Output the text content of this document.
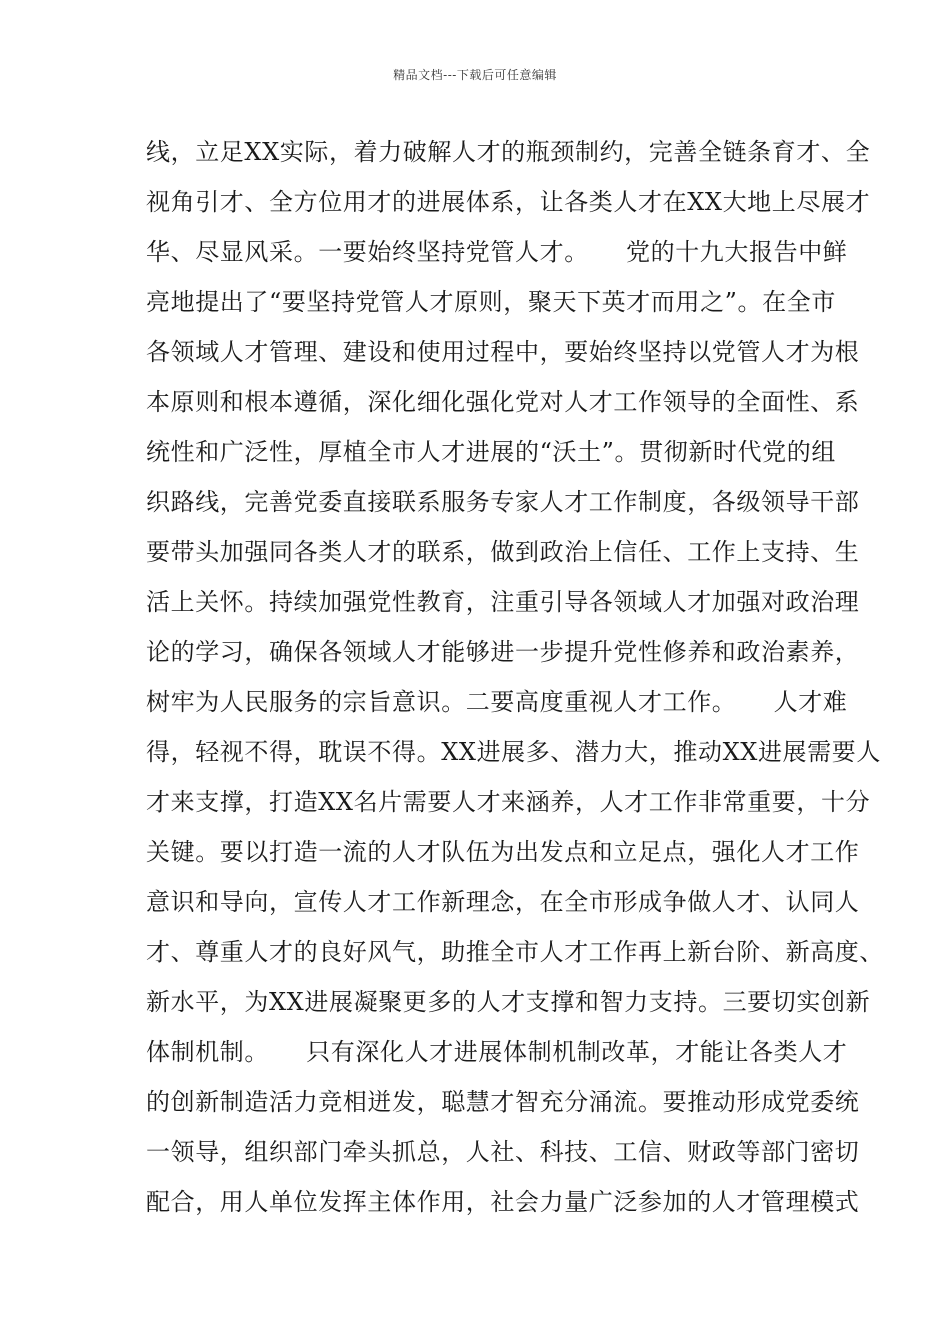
精品文档---下载后可任意编辑
线，立足XX实际，着力破解人才的瓶颈制约，完善全链条育才、全
视角引才、全方位用才的进展体系，让各类人才在XX大地上尽展才
华、尽显风采。一要始终坚持党管人才。　　党的十九大报告中鲜
亮地提出了“要坚持党管人才原则，聚天下英才而用之”。在全市
各领域人才管理、建设和使用过程中，要始终坚持以党管人才为根
本原则和根本遵循，深化细化强化党对人才工作领导的全面性、系
统性和广泛性，厚植全市人才进展的“沃土”。贯彻新时代党的组
织路线，完善党委直接联系服务专家人才工作制度，各级领导干部
要带头加强同各类人才的联系，做到政治上信任、工作上支持、生
活上关怀。持续加强党性教育，注重引导各领域人才加强对政治理
论的学习，确保各领域人才能够进一步提升党性修养和政治素养，
树牢为人民服务的宗旨意识。二要高度重视人才工作。　　人才难
得，轻视不得，耽误不得。XX进展多、潜力大，推动XX进展需要人
才来支撑，打造XX名片需要人才来涵养，人才工作非常重要，十分
关键。要以打造一流的人才队伍为出发点和立足点，强化人才工作
意识和导向，宣传人才工作新理念，在全市形成争做人才、认同人
才、尊重人才的良好风气，助推全市人才工作再上新台阶、新高度、
新水平，为XX进展凝聚更多的人才支撑和智力支持。三要切实创新
体制机制。　　只有深化人才进展体制机制改革，才能让各类人才
的创新制造活力竞相迸发，聪慧才智充分涌流。要推动形成党委统
一领导，组织部门牵头抓总，人社、科技、工信、财政等部门密切
配合，用人单位发挥主体作用，社会力量广泛参加的人才管理模式
